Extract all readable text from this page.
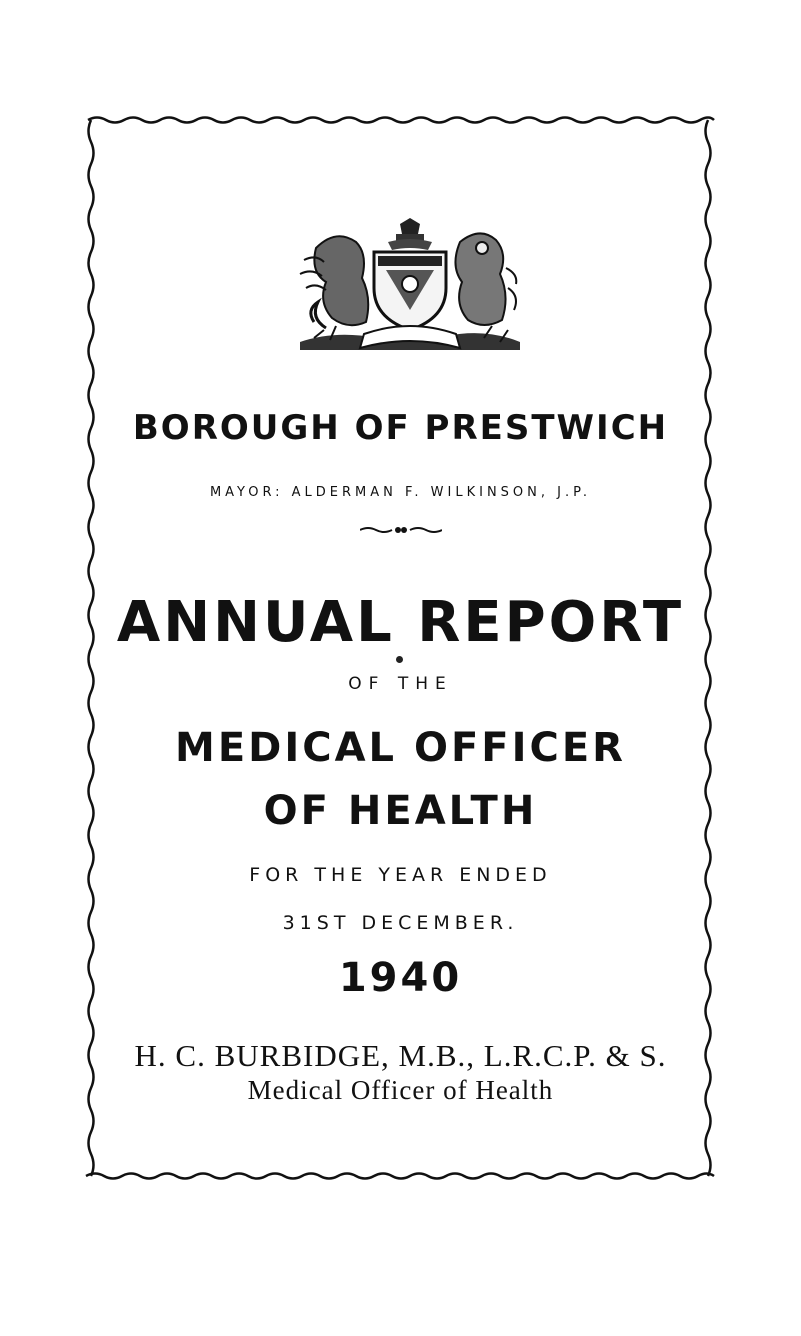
BOROUGH OF PRESTWICH
MAYOR: ALDERMAN F. WILKINSON, J.P.
ANNUAL REPORT
OF THE
MEDICAL OFFICER
OF HEALTH
FOR THE YEAR ENDED
31ST DECEMBER.
1940
H. C. BURBIDGE, M.B., L.R.C.P. & S.
Medical Officer of Health
